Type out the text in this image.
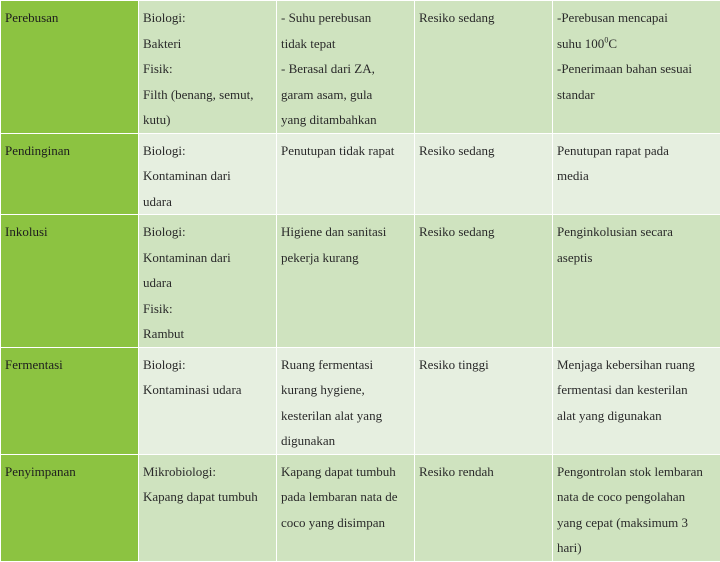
Perebusan	Biologi:
Bakteri
Fisik:
Filth (benang, semut,
kutu)	- Suhu perebusan
tidak tepat
- Berasal dari ZA,
garam asam, gula
yang ditambahkan	Resiko sedang	-Perebusan mencapai
suhu $100^0C$
-Penerimaan bahan sesuai
standar

Pendinginan	Biologi:
Kontaminan dari
udara	Penutupan tidak rapat	Resiko sedang	Penutupan rapat pada
media

Inkolusi	Biologi:
Kontaminan dari
udara
Fisik:
Rambut	Higiene dan sanitasi
pekerja kurang	Resiko sedang	Penginkolusian secara
aseptis

Fermentasi	Biologi:
Kontaminasi udara	Ruang fermentasi
kurang hygiene,
kesterilan alat yang
digunakan	Resiko tinggi	Menjaga kebersihan ruang
fermentasi dan kesterilan
alat yang digunakan

Penyimpanan	Mikrobiologi:
Kapang dapat tumbuh	Kapang dapat tumbuh
pada lembaran nata de
coco yang disimpan	Resiko rendah	Pengontrolan stok lembaran
nata de coco pengolahan
yang cepat (maksimum 3
hari)
